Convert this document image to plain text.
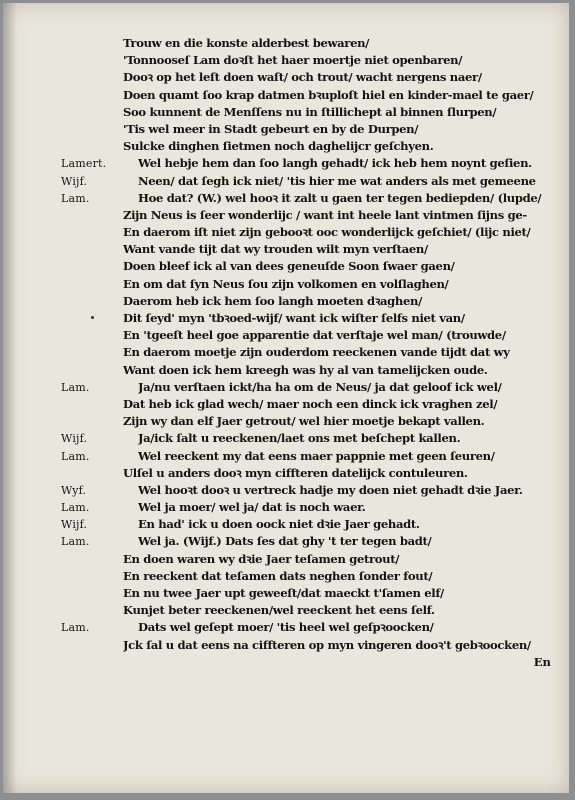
Trouw en die konste alderbest bewaren/
'Tonnooseſ Lam doꝛſt het haer moertje niet openbaren/
Dooꝛ op het leſt doen waſt/ och trout/ wacht nergens naer/
Doen quamt ſoo krap datmen bꝛuploſt hiel en kinder-mael te gaer/
Soo kunnent de Menſſens nu in ſtillichept al binnen ſlurpen/
'Tis wel meer in Stadt gebeurt en by de Durpen/
Sulcke dinghen ſietmen noch daghelijcr geſchyen.
Lamert.	Wel hebje hem dan ſoo langh gehadt/ ick heb hem noynt geſien.
Wijf.	Neen/ dat ſegh ick niet/ 'tis hier me wat anders als met gemeene
Lam.	Hoe dat? (W.) wel hooꝛ it zalt u gaen ter tegen bediepden/ (lupde/
Zijn Neus is ſeer wonderlijc / want int heele lant vintmen ſijns ge-
En daerom iſt niet zijn gebooꝛt ooc wonderlijck geſchiet/ (lijc niet/
Want vande tijt dat wy trouden wilt myn verſtaen/
Doen bleef ick al van dees geneuſde Soon ſwaer gaen/
En om dat ſyn Neus ſou zijn volkomen en volſlaghen/
Daerom heb ick hem ſoo langh moeten dꝛaghen/
Dit ſeyd' myn 'tbꝛoed-wijf/ want ick wiſter ſelfs niet van/
En 'tgeeſt heel goe apparentie dat verſtaje wel man/ (trouwde/
En daerom moetje zijn ouderdom reeckenen vande tijdt dat wy
Want doen ick hem kreegh was hy al van tamelijcken oude.
Lam.	Ja/nu verſtaen ickt/ha ha om de Neus/ ja dat geloof ick wel/
Dat heb ick glad wech/ maer noch een dinck ick vraghen zel/
Zijn wy dan elf Jaer getrout/ wel hier moetje bekapt vallen.
Wijf.	Ja/ick ſalt u reeckenen/laet ons met beſchept kallen.
Lam.	Wel reeckent my dat eens maer pappnie met geen ſeuren/
Ulſel u anders dooꝛ myn ciffteren datelijck contuleuren.
Wyf.	Wel hooꝛt dooꝛ u vertreck hadje my doen niet gehadt dꝛie Jaer.
Lam.	Wel ja moer/ wel ja/ dat is noch waer.
Wijf.	En had' ick u doen oock niet dꝛie Jaer gehadt.
Lam.	Wel ja. (Wijf.) Dats ſes dat ghy 't ter tegen badt/
En doen waren wy dꝛie Jaer teſamen getrout/
En reeckent dat teſamen dats neghen ſonder fout/
En nu twee Jaer upt geweeſt/dat maeckt t'ſamen elf/
Kunjet beter reeckenen/wel reeckent het eens ſelf.
Lam.	Dats wel geſept moer/ 'tis heel wel geſpꝛoocken/
Jck ſal u dat eens na ciffteren op myn vingeren dooꝛ't gebꝛoocken/
En
